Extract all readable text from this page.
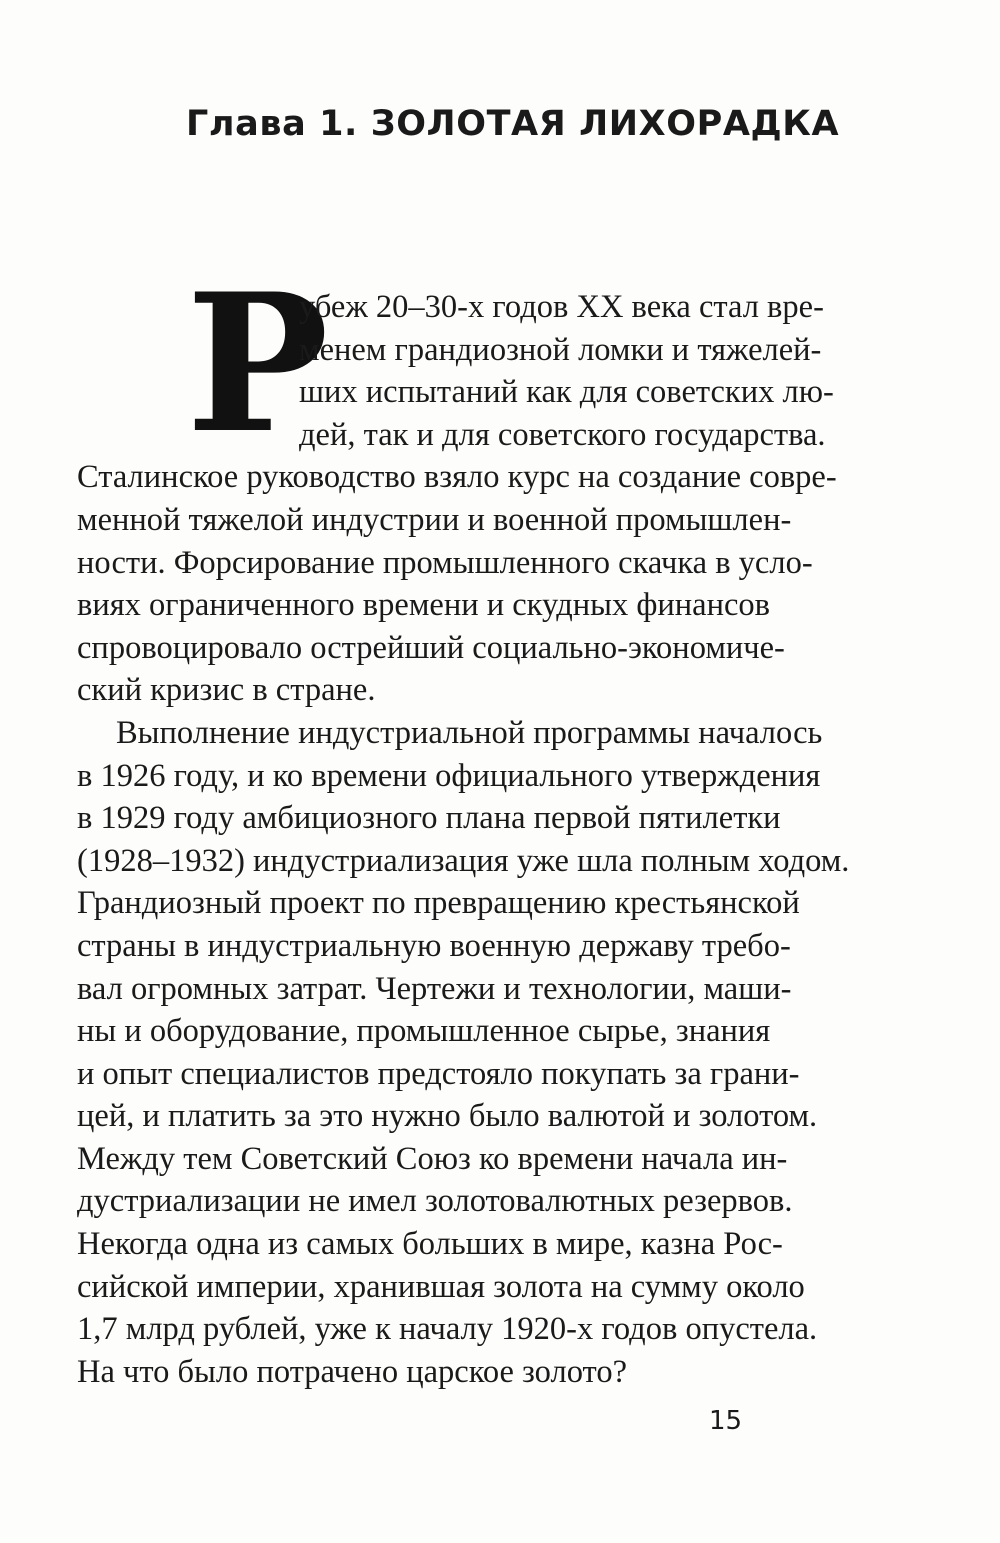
Глава 1. ЗОЛОТАЯ ЛИХОРАДКА
Р
убеж 20–30-х годов XX века стал вре-
менем грандиозной ломки и тяжелей-
ших испытаний как для советских лю-
дей, так и для советского государства.
Сталинское руководство взяло курс на создание совре-
менной тяжелой индустрии и военной промышлен-
ности. Форсирование промышленного скачка в усло-
виях ограниченного времени и скудных финансов
спровоцировало острейший социально-экономиче-
ский кризис в стране.
Выполнение индустриальной программы началось
в 1926 году, и ко времени официального утверждения
в 1929 году амбициозного плана первой пятилетки
(1928–1932) индустриализация уже шла полным ходом.
Грандиозный проект по превращению крестьянской
страны в индустриальную военную державу требо-
вал огромных затрат. Чертежи и технологии, маши-
ны и оборудование, промышленное сырье, знания
и опыт специалистов предстояло покупать за грани-
цей, и платить за это нужно было валютой и золотом.
Между тем Советский Союз ко времени начала ин-
дустриализации не имел золотовалютных резервов.
Некогда одна из самых больших в мире, казна Рос-
сийской империи, хранившая золота на сумму около
1,7 млрд рублей, уже к началу 1920-х годов опустела.
На что было потрачено царское золото?
15
